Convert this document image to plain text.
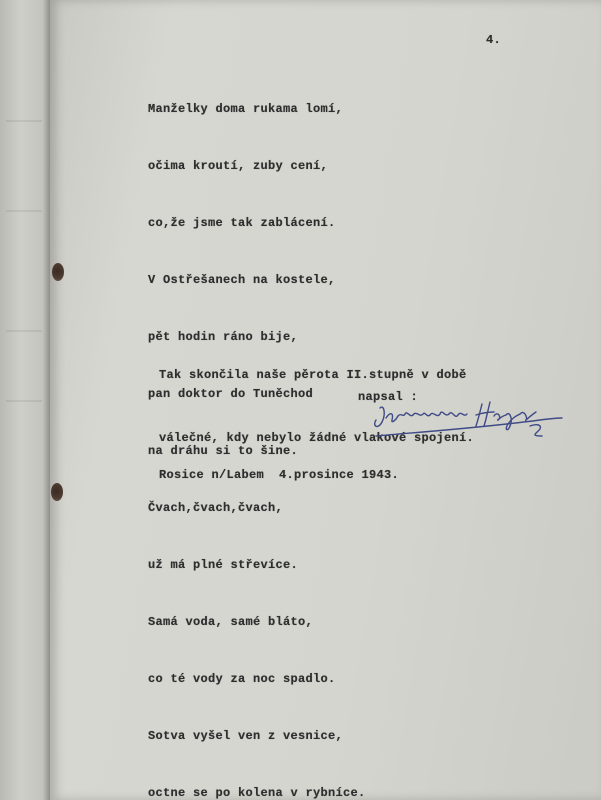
4.

Manželky doma rukama lomí,

očima kroutí, zuby cení,

co,že jsme tak zablácení.

V Ostřešanech na kostele,

pět hodin ráno bije,

pan doktor do Tuněchod

na dráhu si to šine.

Čvach,čvach,čvach,

už má plné střevíce.

Samá voda, samé bláto,

co té vody za noc spadlo.

Sotva vyšel ven z vesnice,

octne se po kolena v rybníce.

Tak skončila naše pěrota II.stupně v době

válečné, kdy nebylo žádné vlakové spojení.

napsal :
Rosice n/Labem  4.prosince 1943.
